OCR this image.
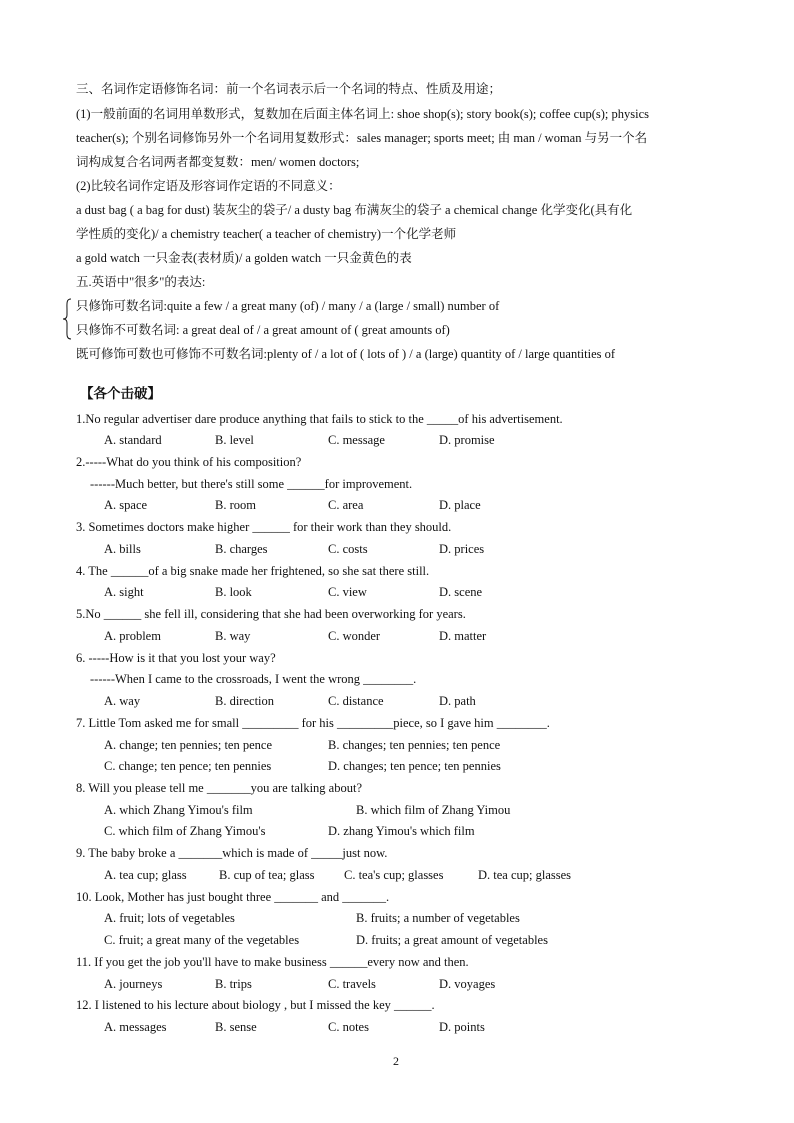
三、名词作定语修饰名词：前一个名词表示后一个名词的特点、性质及用途；
(1)一般前面的名词用单数形式，复数加在后面主体名词上: shoe shop(s); story book(s); coffee cup(s); physics
teacher(s); 个别名词修饰另外一个名词用复数形式：sales manager; sports meet; 由 man / woman 与另一个名
词构成复合名词两者都变复数：men/ women doctors;
(2)比较名词作定语及形容词作定语的不同意义：
a dust bag ( a bag for dust) 装灰尘的袋子/ a dusty bag 布满灰尘的袋子 a chemical change 化学变化(具有化
学性质的变化)/ a chemistry teacher( a teacher of chemistry)一个化学老师
a gold watch 一只金表(表材质)/ a golden watch 一只金黄色的表
五.英语中"很多"的表达:
只修饰可数名词:quite a few / a great many (of) / many / a (large / small) number of
只修饰不可数名词: a great deal of / a great amount of ( great amounts of)
既可修饰可数也可修饰不可数名词:plenty of / a lot of ( lots of ) / a (large) quantity of / large quantities of
【各个击破】
1.No regular advertiser dare produce anything that fails to stick to the _____of his advertisement.
A. standard	B. level	C. message	D. promise
2.-----What do you think of his composition?
------Much better, but there's still some ______for improvement.
A. space	B. room	C. area	D. place
3. Sometimes doctors make higher ______ for their work than they should.
A. bills	B. charges	C. costs	D. prices
4. The ______of a big snake made her frightened, so she sat there still.
A. sight	B. look	C. view	D. scene
5.No ______ she fell ill, considering that she had been overworking for years.
A. problem	B. way	C. wonder	D. matter
6. -----How is it that you lost your way?
------When I came to the crossroads, I went the wrong ________.
A. way	B. direction	C. distance	D. path
7. Little Tom asked me for small _________ for his _________piece, so I gave him ________.
A. change; ten pennies; ten pence	B. changes; ten pennies; ten pence
C. change; ten pence; ten pennies	D. changes; ten pence; ten pennies
8. Will you please tell me _______you are talking about?
A. which Zhang Yimou's film	B. which film of Zhang Yimou
C. which film of Zhang Yimou's	D. zhang Yimou's which film
9. The baby broke a _______which is made of _____just now.
A. tea cup; glass	B. cup of tea; glass C. tea's cup; glasses	D. tea cup; glasses
10. Look, Mother has just bought three _______ and _______.
A. fruit; lots of vegetables	B. fruits; a number of vegetables
C. fruit; a great many of the vegetables	D. fruits; a great amount of vegetables
11. If you get the job you'll have to make business ______every now and then.
A. journeys	B. trips	C. travels	D. voyages
12. I listened to his lecture about biology , but I missed the key ______.
A. messages	B. sense	C. notes	D. points
2
